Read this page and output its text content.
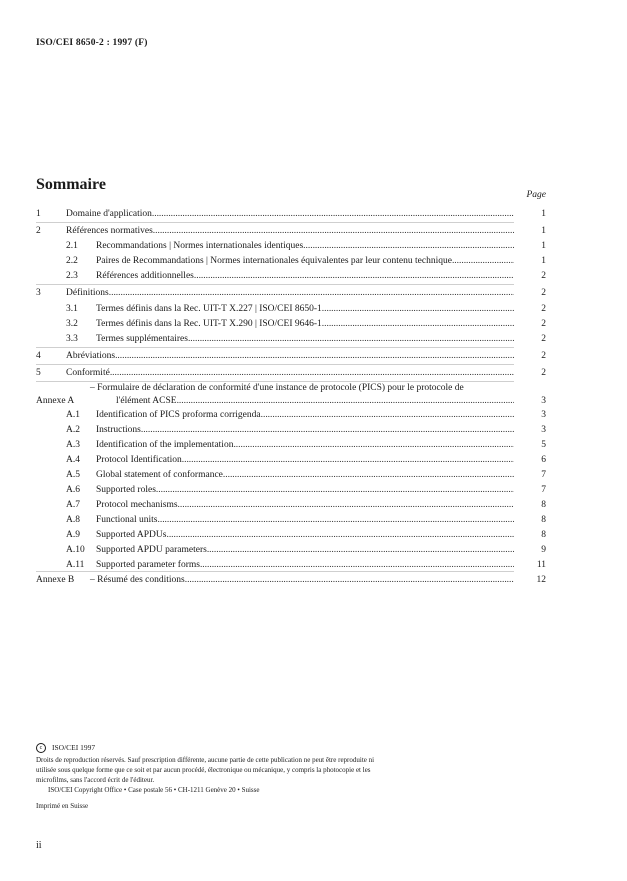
ISO/CEI 8650-2 : 1997 (F)
Sommaire
Page
1	Domaine d'application . . .	1
2	Références normatives . . .	1
2.1 Recommandations | Normes internationales identiques . . .	1
2.2 Paires de Recommandations | Normes internationales équivalentes par leur contenu technique . . .	1
2.3 Références additionnelles . . .	2
3	Définitions . . .	2
3.1 Termes définis dans la Rec. UIT-T X.227 | ISO/CEI 8650-1 . . .	2
3.2 Termes définis dans la Rec. UIT-T X.290 | ISO/CEI 9646-1 . . .	2
3.3 Termes supplémentaires . . .	2
4	Abréviations . . .	2
5	Conformité . . .	2
Annexe A
– Formulaire de déclaration de conformité d'une instance de protocole (PICS) pour le protocole de
l'élément ACSE . . .	3
A.1 Identification of PICS proforma corrigenda . . .	3
A.2 Instructions . . .	3
A.3 Identification of the implementation . . .	5
A.4 Protocol Identification . . .	6
A.5 Global statement of conformance . . .	7
A.6 Supported roles . . .	7
A.7 Protocol mechanisms . . .	8
A.8 Functional units . . .	8
A.9 Supported APDUs . . .	8
A.10 Supported APDU parameters . . .	9
A.11 Supported parameter forms . . .	11
Annexe B – Résumé des conditions . . .	12
c ISO/CEI 1997
Droits de reproduction réservés. Sauf prescription différente, aucune partie de cette publication ne peut être reproduite ni utilisée sous quelque forme que ce soit et par aucun procédé, électronique ou mécanique, y compris la photocopie et les microfilms, sans l'accord écrit de l'éditeur.
ISO/CEI Copyright Office • Case postale 56 • CH-1211 Genève 20 • Suisse
Imprimé en Suisse
ii
